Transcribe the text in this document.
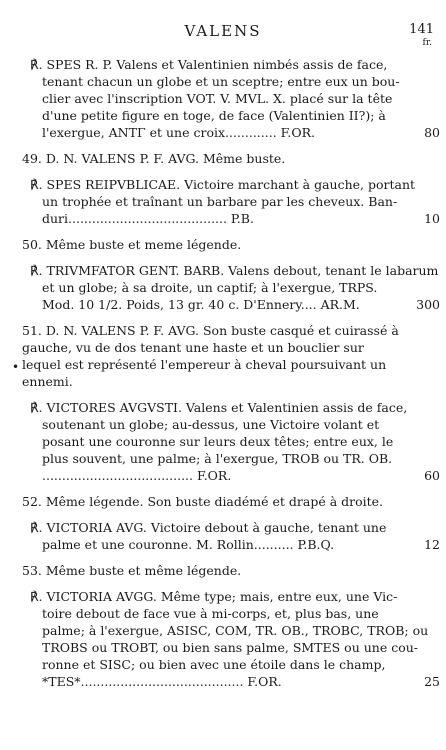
VALENS	141
fr.
•
℟. SPES R. P. Valens et Valentinien nimbés assis de face,
tenant chacun un globe et un sceptre; entre eux un bou-
clier avec l'inscription VOT. V. MVL. X. placé sur la tête
d'une petite figure en toge, de face (Valentinien II?); à
l'exergue, ANTΓ et une croix............. F.OR.	80
49. D. N. VALENS P. F. AVG. Même buste.
℟. SPES REIPVBLICAE. Victoire marchant à gauche, portant
un trophée et traînant un barbare par les cheveux. Ban-
duri........................................ P.B.	10
50. Même buste et meme légende.
℟. TRIVMFATOR GENT. BARB. Valens debout, tenant le labarum
et un globe; à sa droite, un captif; à l'exergue, TRPS.
Mod. 10 1/2. Poids, 13 gr. 40 c. D'Ennery.... AR.M.	300
51. D. N. VALENS P. F. AVG. Son buste casqué et cuirassé à
gauche, vu de dos tenant une haste et un bouclier sur
lequel est représenté l'empereur à cheval poursuivant un
ennemi.
℟. VICTORES AVGVSTI. Valens et Valentinien assis de face,
soutenant un globe; au-dessus, une Victoire volant et
posant une couronne sur leurs deux têtes; entre eux, le
plus souvent, une palme; à l'exergue, TROB ou TR. OB.
...................................... F.OR.	60
52. Même légende. Son buste diadémé et drapé à droite.
℟. VICTORIA AVG. Victoire debout à gauche, tenant une
palme et une couronne. M. Rollin.......... P.B.Q.	12
53. Même buste et même légende.
℟. VICTORIA AVGG. Même type; mais, entre eux, une Vic-
toire debout de face vue à mi-corps, et, plus bas, une
palme; à l'exergue, ASISC, COM, TR. OB., TROBC, TROB; ou
TROBS ou TROBT, ou bien sans palme, SMTES ou une cou-
ronne et SISC; ou bien avec une étoile dans le champ,
*TES*......................................... F.OR.	25
